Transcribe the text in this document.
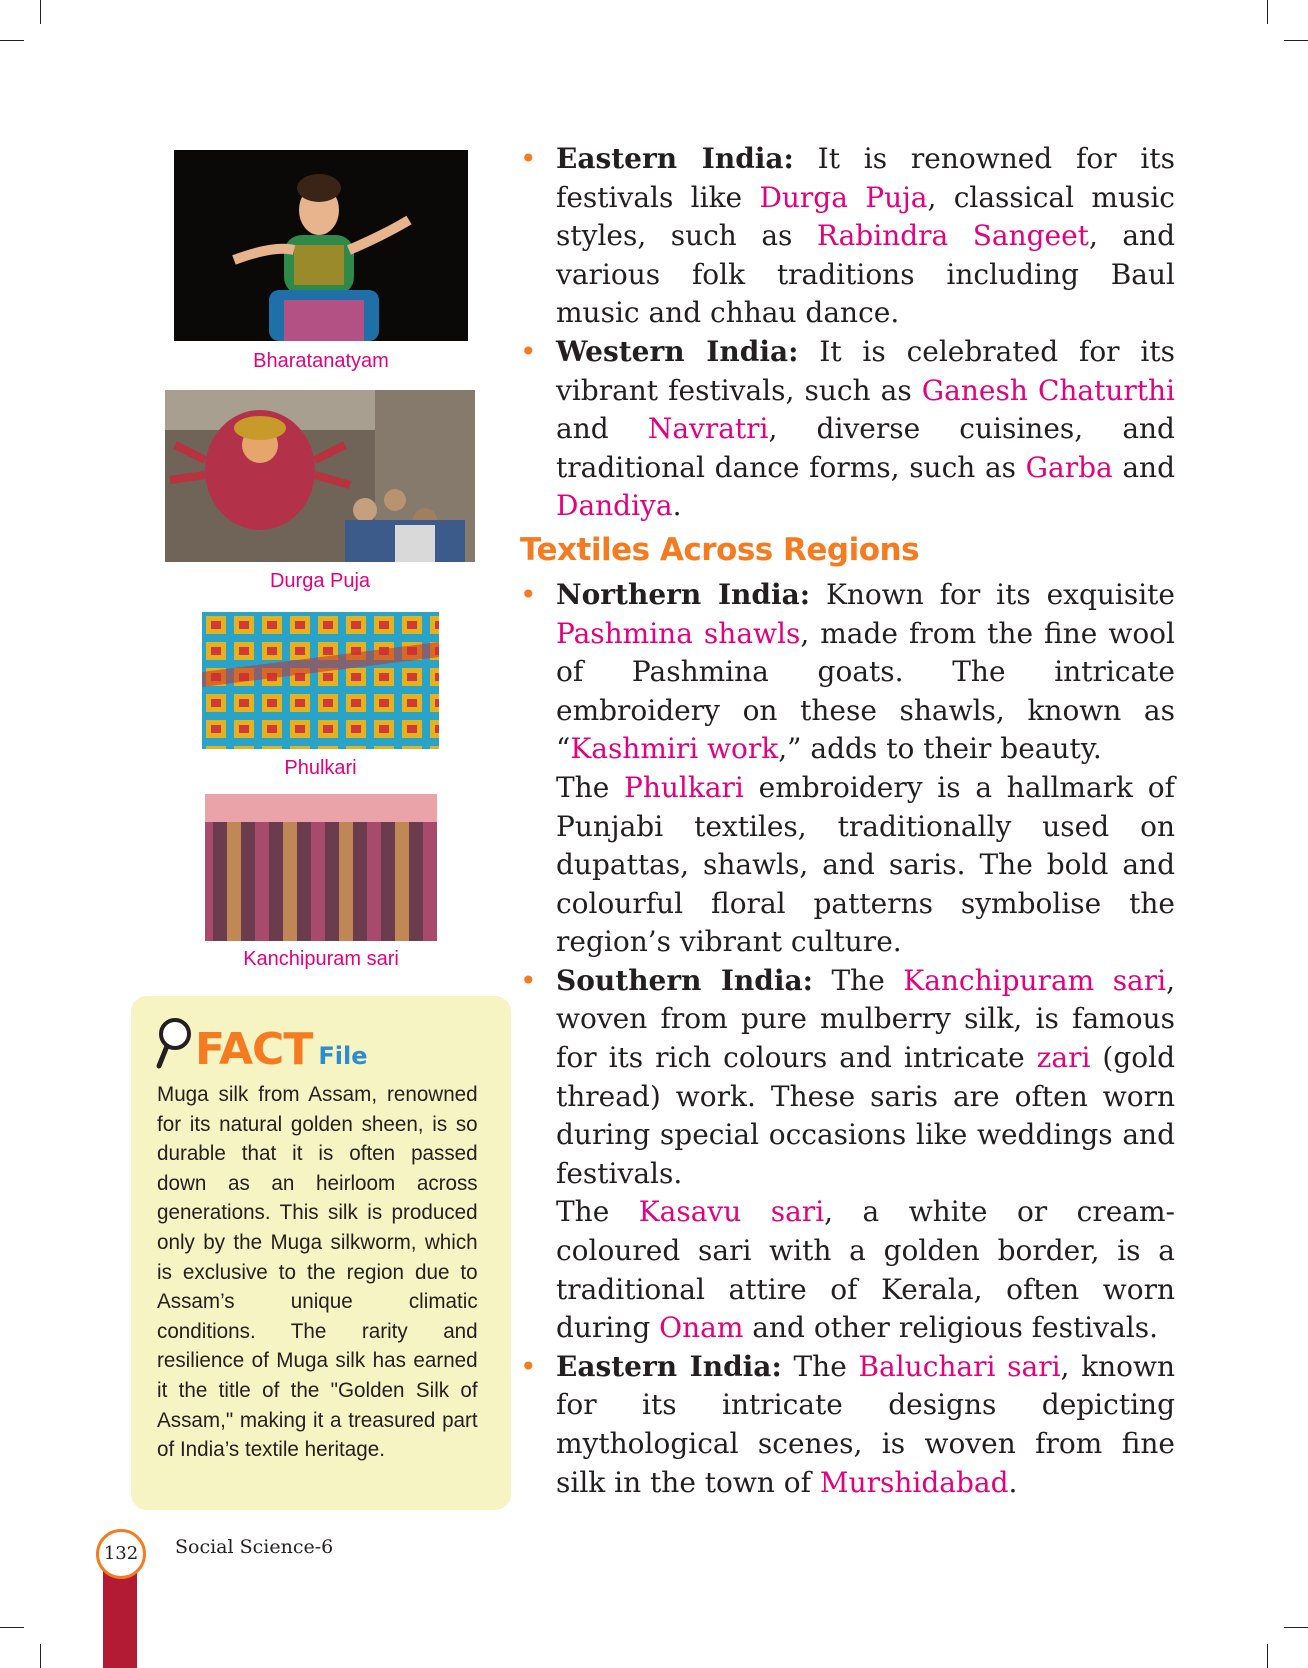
Bharatanatyam
Durga Puja
Phulkari
Kanchipuram sari
FACT File
Muga silk from Assam, renowned for its natural golden sheen, is so durable that it is often passed down as an heirloom across generations. This silk is produced only by the Muga silkworm, which is exclusive to the region due to Assam’s unique climatic conditions. The rarity and resilience of Muga silk has earned it the title of the "Golden Silk of Assam," making it a treasured part of India’s textile heritage.
• Eastern India: It is renowned for its festivals like Durga Puja, classical music styles, such as Rabindra Sangeet, and various folk traditions including Baul music and chhau dance.
• Western India: It is celebrated for its vibrant festivals, such as Ganesh Chaturthi and Navratri, diverse cuisines, and traditional dance forms, such as Garba and Dandiya.
Textiles Across Regions
• Northern India: Known for its exquisite Pashmina shawls, made from the fine wool of Pashmina goats. The intricate embroidery on these shawls, known as “Kashmiri work,” adds to their beauty.
The Phulkari embroidery is a hallmark of Punjabi textiles, traditionally used on dupattas, shawls, and saris. The bold and colourful floral patterns symbolise the region’s vibrant culture.
• Southern India: The Kanchipuram sari, woven from pure mulberry silk, is famous for its rich colours and intricate zari (gold thread) work. These saris are often worn during special occasions like weddings and festivals.
The Kasavu sari, a white or cream-coloured sari with a golden border, is a traditional attire of Kerala, often worn during Onam and other religious festivals.
• Eastern India: The Baluchari sari, known for its intricate designs depicting mythological scenes, is woven from fine silk in the town of Murshidabad.
132	Social Science-6
